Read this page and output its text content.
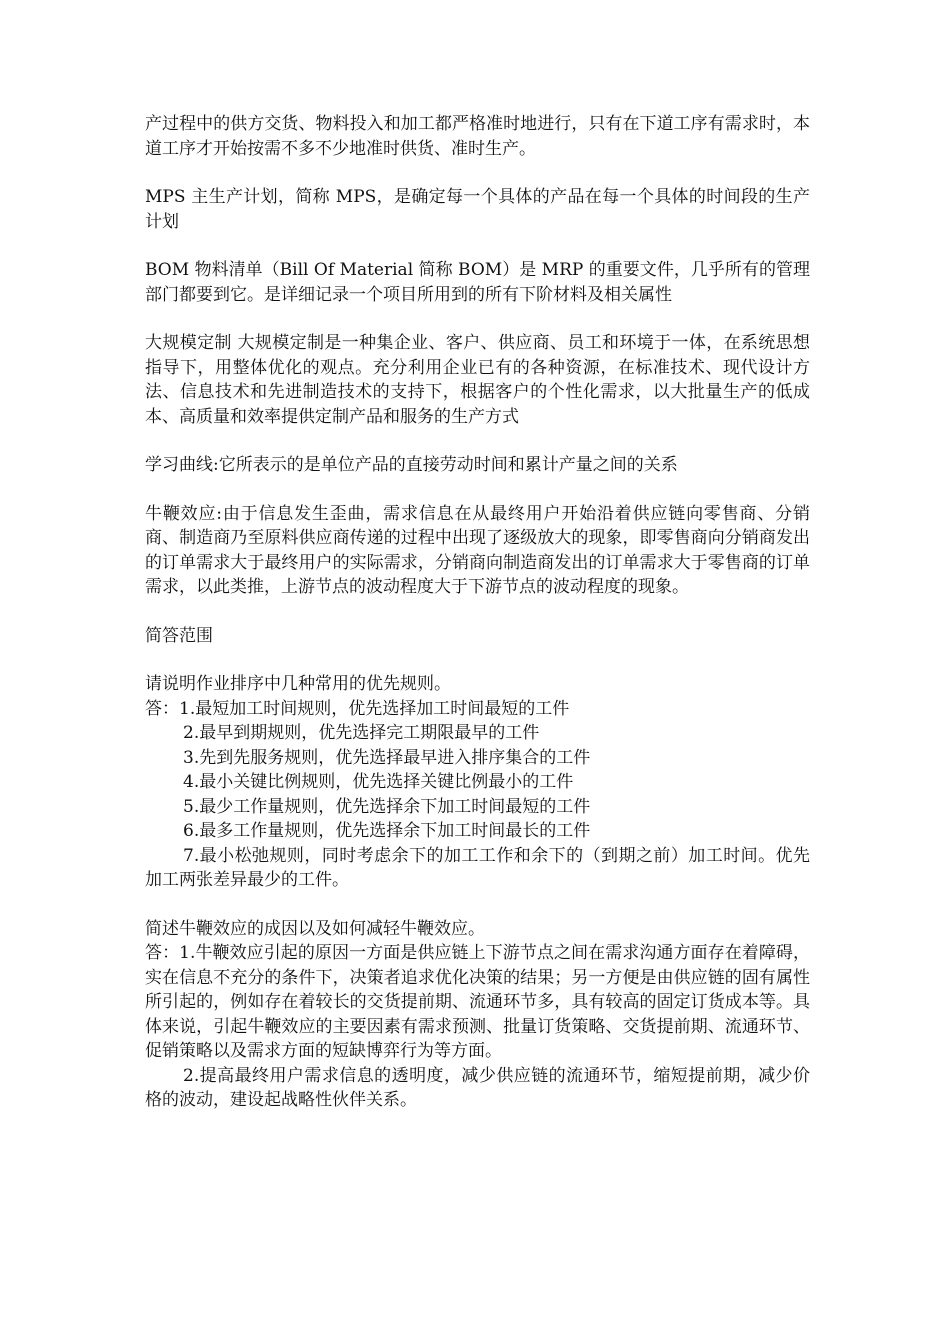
产过程中的供方交货、物料投入和加工都严格准时地进行，只有在下道工序有需求时，本道工序才开始按需不多不少地准时供货、准时生产。

MPS 主生产计划，简称 MPS，是确定每一个具体的产品在每一个具体的时间段的生产计划

BOM 物料清单（Bill Of Material 简称 BOM）是 MRP 的重要文件，几乎所有的管理部门都要到它。是详细记录一个项目所用到的所有下阶材料及相关属性

大规模定制 大规模定制是一种集企业、客户、供应商、员工和环境于一体，在系统思想指导下，用整体优化的观点。充分利用企业已有的各种资源，在标准技术、现代设计方法、信息技术和先进制造技术的支持下，根据客户的个性化需求，以大批量生产的低成本、高质量和效率提供定制产品和服务的生产方式

学习曲线:它所表示的是单位产品的直接劳动时间和累计产量之间的关系

牛鞭效应:由于信息发生歪曲，需求信息在从最终用户开始沿着供应链向零售商、分销商、制造商乃至原料供应商传递的过程中出现了逐级放大的现象，即零售商向分销商发出的订单需求大于最终用户的实际需求，分销商向制造商发出的订单需求大于零售商的订单需求，以此类推，上游节点的波动程度大于下游节点的波动程度的现象。

简答范围

请说明作业排序中几种常用的优先规则。

答：1.最短加工时间规则，优先选择加工时间最短的工件

2.最早到期规则，优先选择完工期限最早的工件

3.先到先服务规则，优先选择最早进入排序集合的工件

4.最小关键比例规则，优先选择关键比例最小的工件

5.最少工作量规则，优先选择余下加工时间最短的工件

6.最多工作量规则，优先选择余下加工时间最长的工件

7.最小松弛规则，同时考虑余下的加工工作和余下的（到期之前）加工时间。优先加工两张差异最少的工件。

简述牛鞭效应的成因以及如何减轻牛鞭效应。

答：1.牛鞭效应引起的原因一方面是供应链上下游节点之间在需求沟通方面存在着障碍，实在信息不充分的条件下，决策者追求优化决策的结果；另一方便是由供应链的固有属性所引起的，例如存在着较长的交货提前期、流通环节多，具有较高的固定订货成本等。具体来说，引起牛鞭效应的主要因素有需求预测、批量订货策略、交货提前期、流通环节、促销策略以及需求方面的短缺博弈行为等方面。

2.提高最终用户需求信息的透明度，减少供应链的流通环节，缩短提前期，减少价格的波动，建设起战略性伙伴关系。
